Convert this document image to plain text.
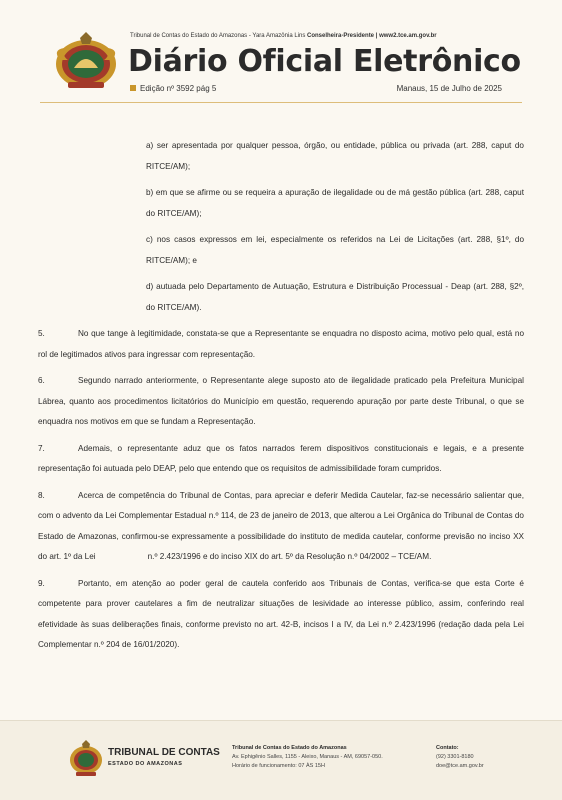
Tribunal de Contas do Estado do Amazonas - Yara Amazônia Lins Conselheira-Presidente | www2.tce.am.gov.br
Diário Oficial Eletrônico
Edição nº 3592 pág 5	Manaus, 15 de Julho de 2025

a) ser apresentada por qualquer pessoa, órgão, ou entidade, pública ou privada (art. 288, caput do RITCE/AM);

b) em que se afirme ou se requeira a apuração de ilegalidade ou de má gestão pública (art. 288, caput do RITCE/AM);

c) nos casos expressos em lei, especialmente os referidos na Lei de Licitações (art. 288, §1º, do RITCE/AM); e

d) autuada pelo Departamento de Autuação, Estrutura e Distribuição Processual - Deap (art. 288, §2º, do RITCE/AM).

5.	No que tange à legitimidade, constata-se que a Representante se enquadra no disposto acima, motivo pelo qual, está no rol de legitimados ativos para ingressar com representação.

6.	Segundo narrado anteriormente, o Representante alege suposto ato de ilegalidade praticado pela Prefeitura Municipal Lábrea, quanto aos procedimentos licitatórios do Município em questão, requerendo apuração por parte deste Tribunal, o que se enquadra nos motivos em que se fundam a Representação.

7.	Ademais, o representante aduz que os fatos narrados ferem dispositivos constitucionais e legais, e a presente representação foi autuada pelo DEAP, pelo que entendo que os requisitos de admissibilidade foram cumpridos.

8.	Acerca de competência do Tribunal de Contas, para apreciar e deferir Medida Cautelar, faz-se necessário salientar que, com o advento da Lei Complementar Estadual n.º 114, de 23 de janeiro de 2013, que alterou a Lei Orgânica do Tribunal de Contas do Estado de Amazonas, confirmou-se expressamente a possibilidade do instituto de medida cautelar, conforme previsão no inciso XX do art. 1º da Lei	n.º 2.423/1996 e do inciso XIX do art. 5º da Resolução n.º 04/2002 – TCE/AM.

9.	Portanto, em atenção ao poder geral de cautela conferido aos Tribunais de Contas, verifica-se que esta Corte é competente para prover cautelares a fim de neutralizar situações de lesividade ao interesse público, assim, conferindo real efetividade às suas deliberações finais, conforme previsto no art. 42-B, incisos I a IV, da Lei n.º 2.423/1996 (redação dada pela Lei Complementar n.º 204 de 16/01/2020).

TRIBUNAL DE CONTAS
ESTADO DO AMAZONAS
Tribunal de Contas do Estado do Amazonas
Av. Ephigênio Salles, 1155 - Aleixo, Manaus - AM, 69057-050.
Horário de funcionamento: 07 ÀS 15H
Contato:
(92) 3301-8180
doe@tce.am.gov.br
